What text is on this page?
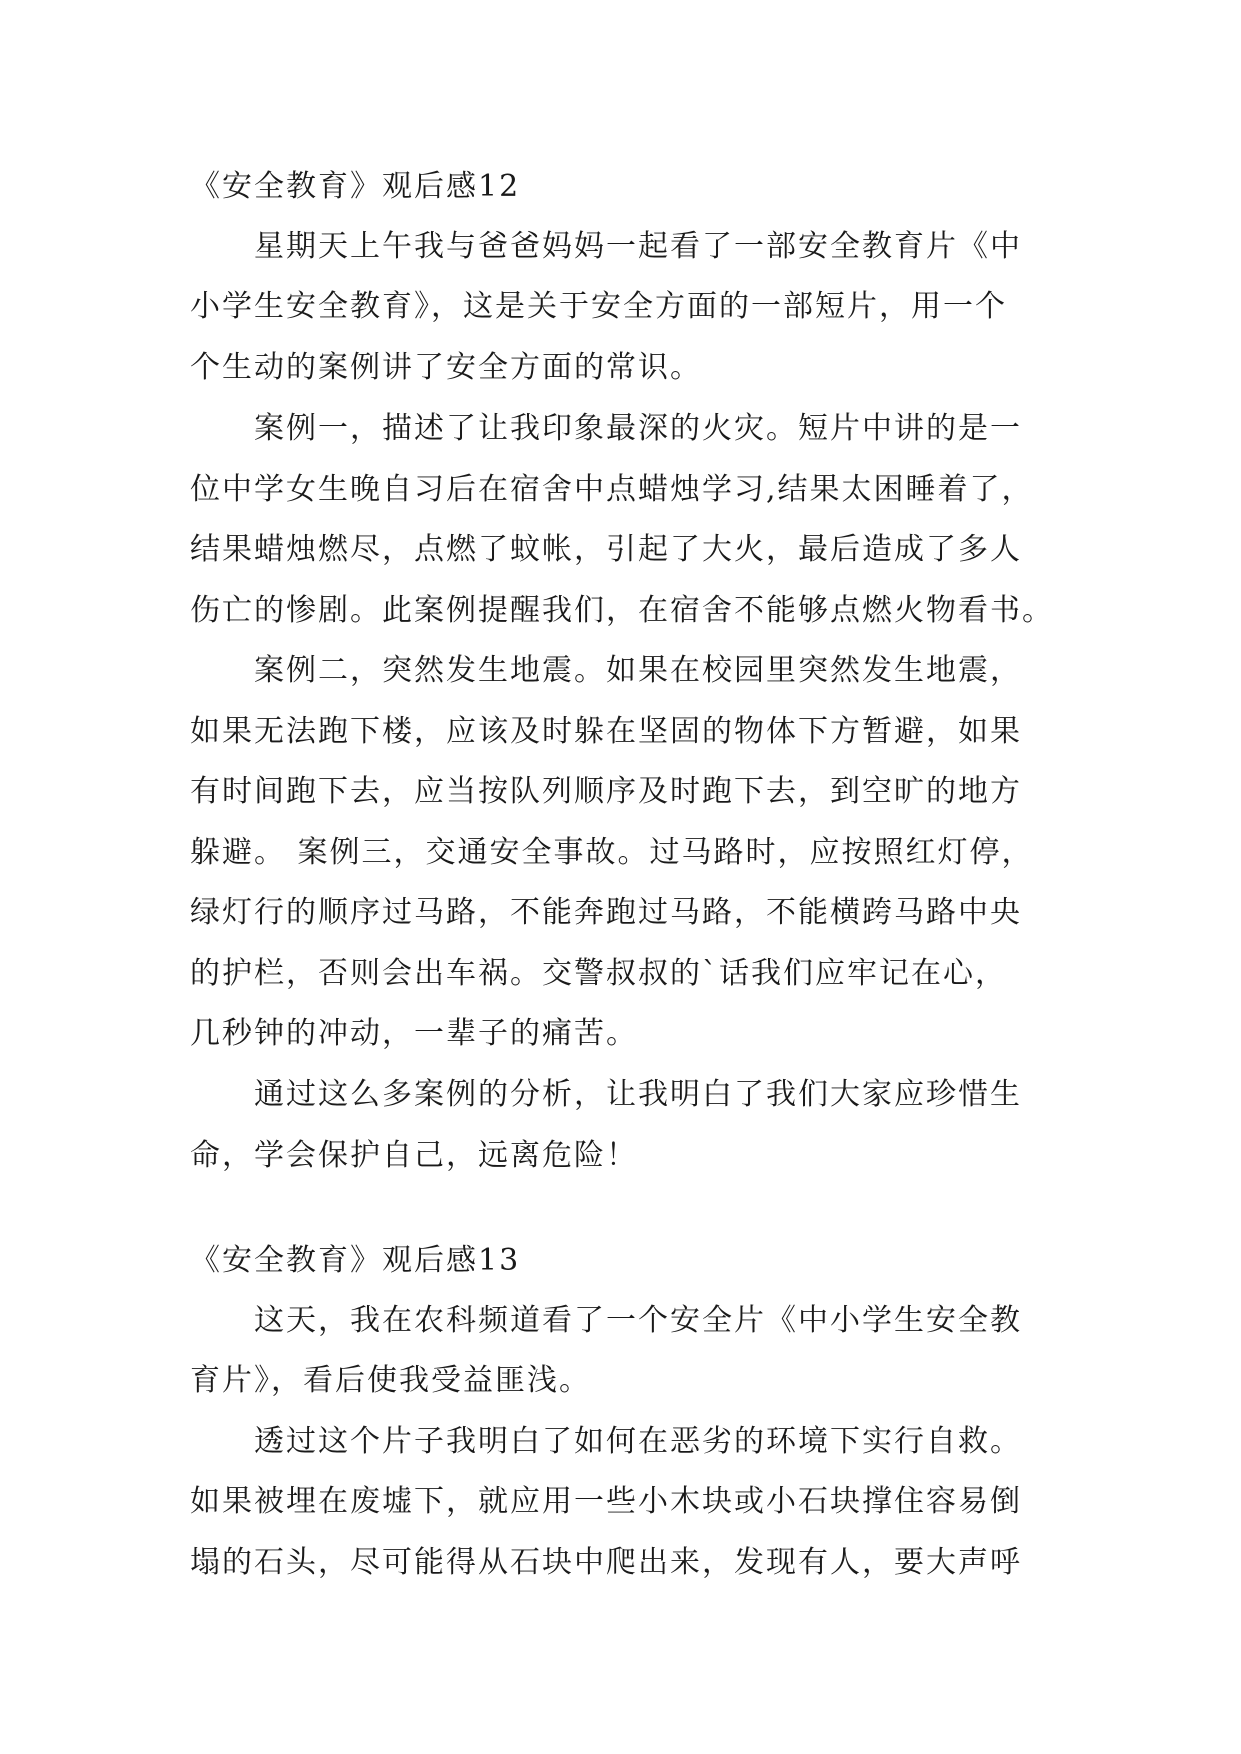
《安全教育》观后感12
星期天上午我与爸爸妈妈一起看了一部安全教育片《中
小学生安全教育》，这是关于安全方面的一部短片，用一个
个生动的案例讲了安全方面的常识。
案例一，描述了让我印象最深的火灾。短片中讲的是一
位中学女生晚自习后在宿舍中点蜡烛学习,结果太困睡着了，
结果蜡烛燃尽，点燃了蚊帐，引起了大火，最后造成了多人
伤亡的惨剧。此案例提醒我们，在宿舍不能够点燃火物看书。
案例二，突然发生地震。如果在校园里突然发生地震，
如果无法跑下楼，应该及时躲在坚固的物体下方暂避，如果
有时间跑下去，应当按队列顺序及时跑下去，到空旷的地方
躲避。 案例三，交通安全事故。过马路时，应按照红灯停，
绿灯行的顺序过马路，不能奔跑过马路，不能横跨马路中央
的护栏，否则会出车祸。交警叔叔的`话我们应牢记在心，
几秒钟的冲动，一辈子的痛苦。
通过这么多案例的分析，让我明白了我们大家应珍惜生
命，学会保护自己，远离危险！
《安全教育》观后感13
这天，我在农科频道看了一个安全片《中小学生安全教
育片》，看后使我受益匪浅。
透过这个片子我明白了如何在恶劣的环境下实行自救。
如果被埋在废墟下，就应用一些小木块或小石块撑住容易倒
塌的石头，尽可能得从石块中爬出来，发现有人，要大声呼
